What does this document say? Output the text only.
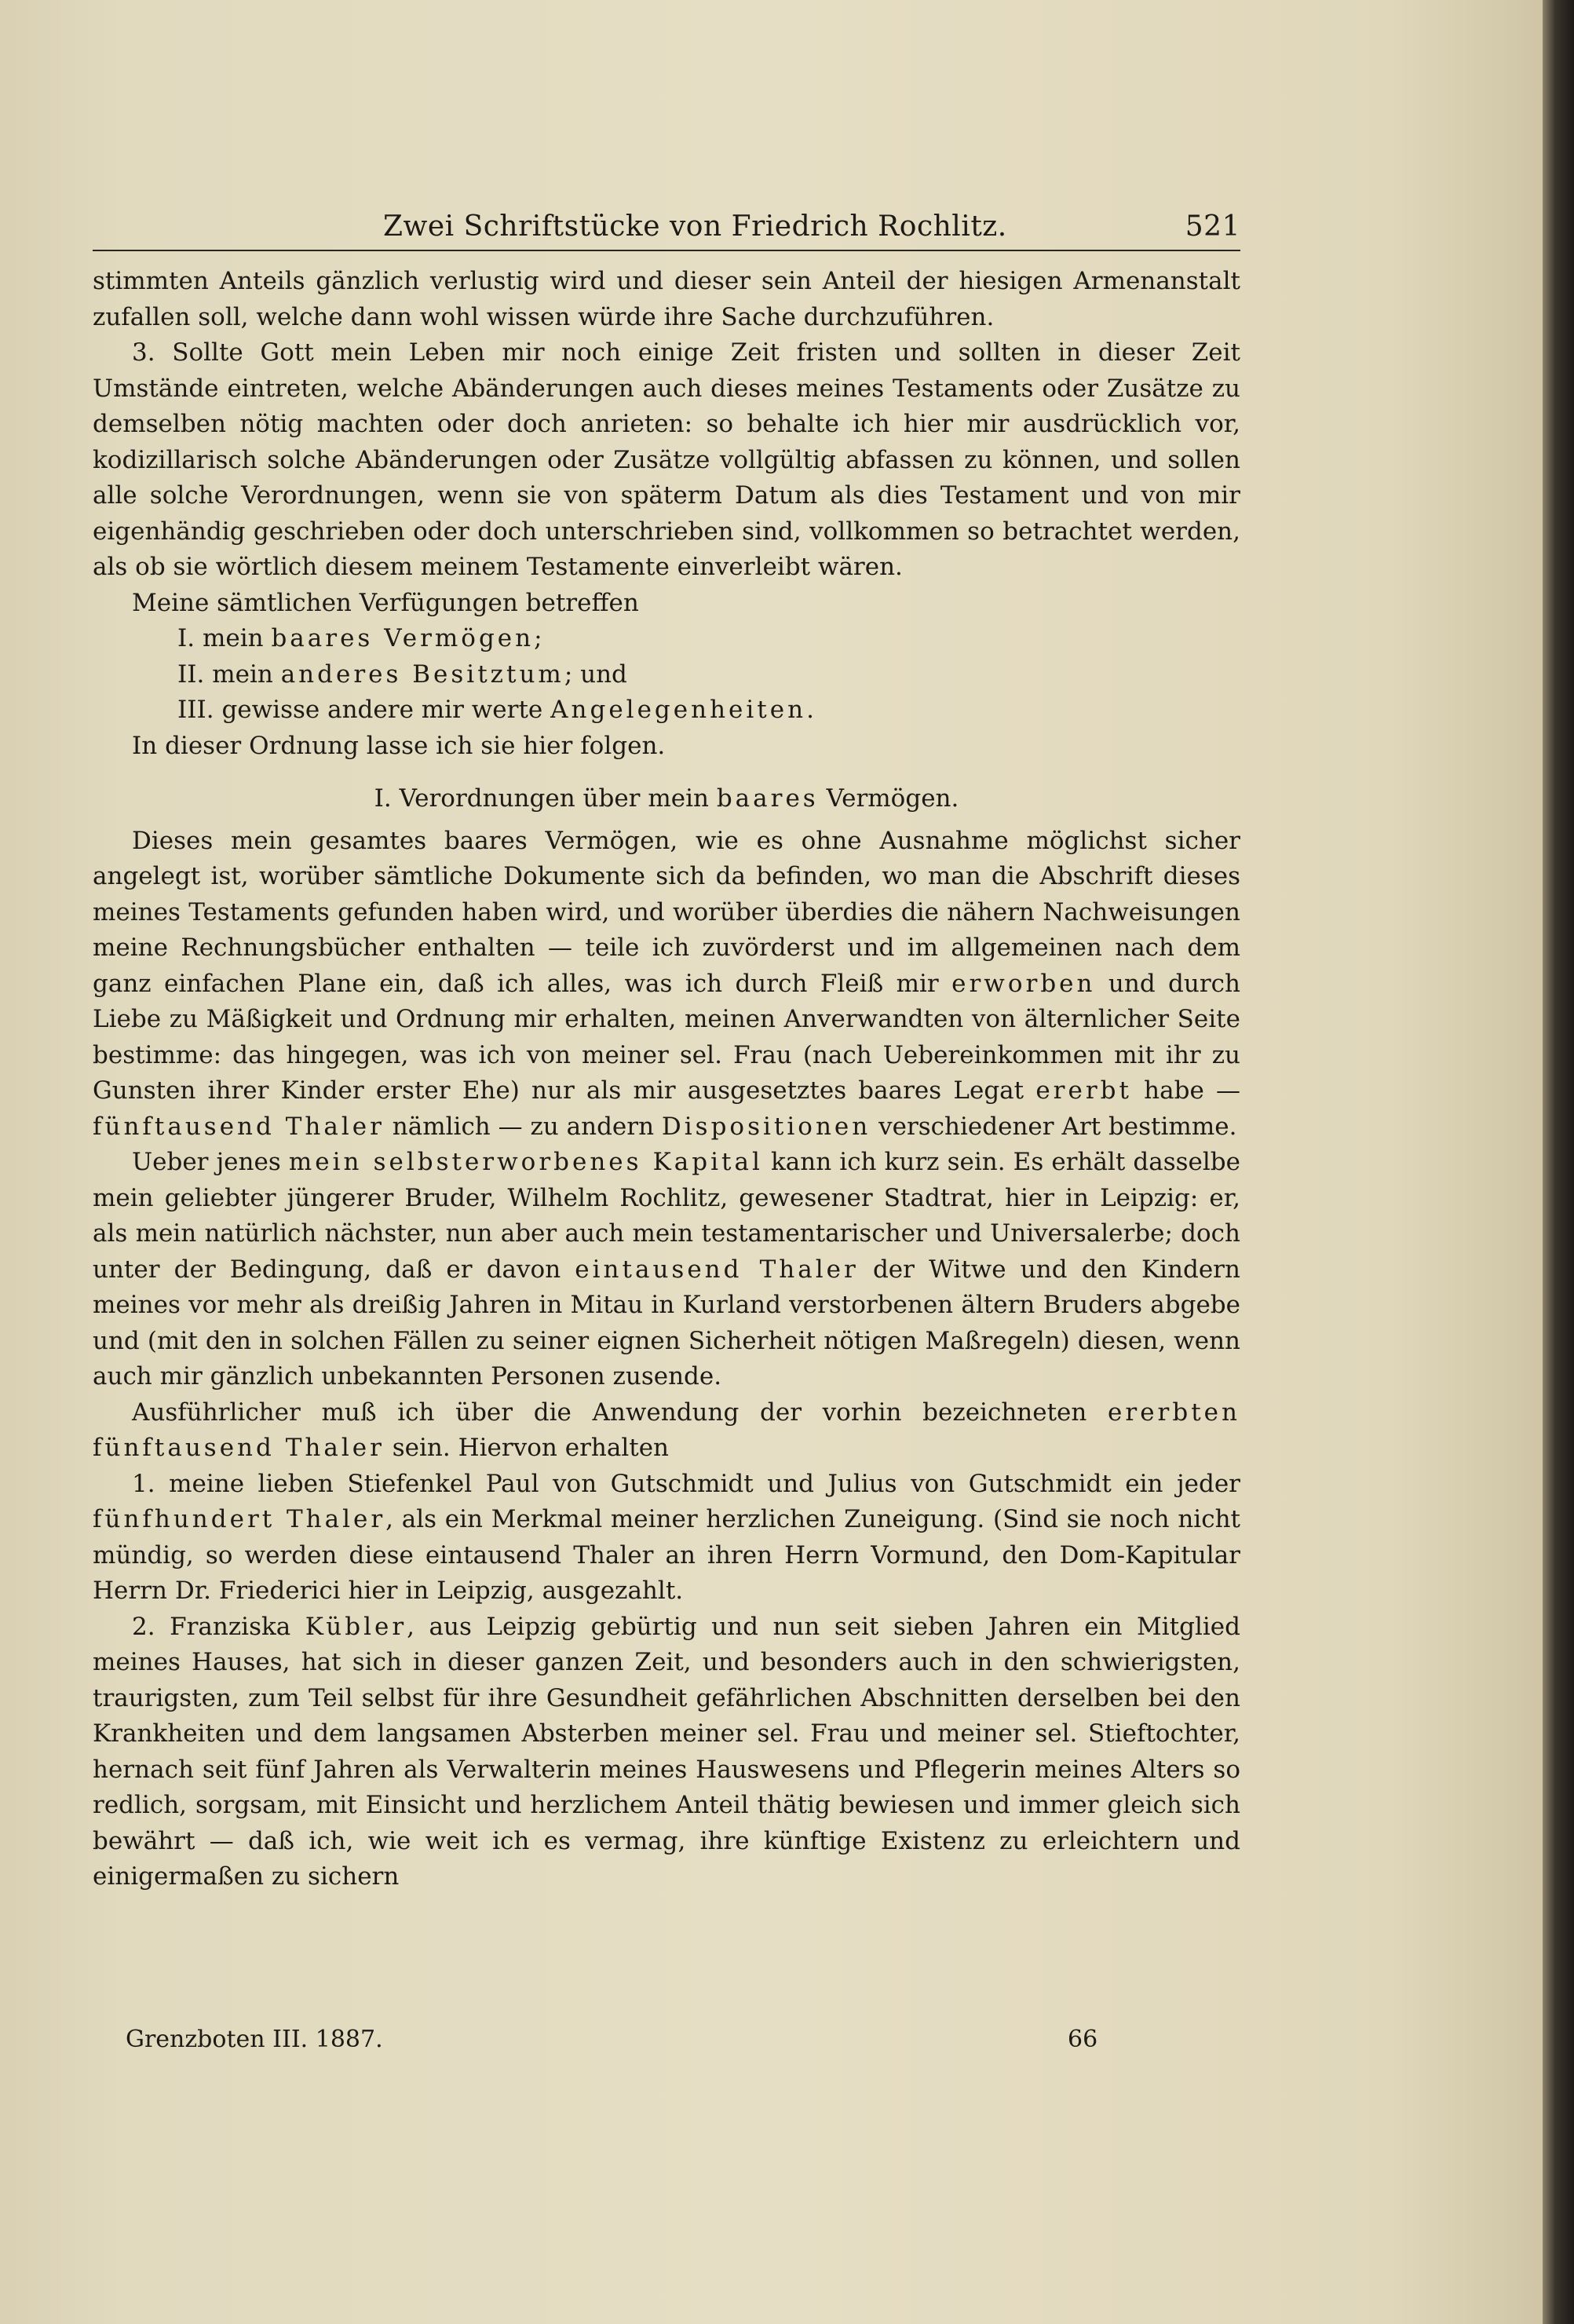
Zwei Schriftstücke von Friedrich Rochlitz.	521

stimmten Anteils gänzlich verlustig wird und dieser sein Anteil der hiesigen Armenanstalt zufallen soll, welche dann wohl wissen würde ihre Sache durchzuführen.

3. Sollte Gott mein Leben mir noch einige Zeit fristen und sollten in dieser Zeit Umstände eintreten, welche Abänderungen auch dieses meines Testaments oder Zusätze zu demselben nötig machten oder doch anrieten: so behalte ich hier mir ausdrücklich vor, kodizillarisch solche Abänderungen oder Zusätze vollgültig abfassen zu können, und sollen alle solche Verordnungen, wenn sie von späterm Datum als dies Testament und von mir eigenhändig geschrieben oder doch unterschrieben sind, vollkommen so betrachtet werden, als ob sie wörtlich diesem meinem Testamente einverleibt wären.

Meine sämtlichen Verfügungen betreffen

I. mein baares Vermögen;
II. mein anderes Besitztum; und
III. gewisse andere mir werte Angelegenheiten.

In dieser Ordnung lasse ich sie hier folgen.

I. Verordnungen über mein baares Vermögen.

Dieses mein gesamtes baares Vermögen, wie es ohne Ausnahme möglichst sicher angelegt ist, worüber sämtliche Dokumente sich da befinden, wo man die Abschrift dieses meines Testaments gefunden haben wird, und worüber überdies die nähern Nachweisungen meine Rechnungsbücher enthalten — teile ich zuvörderst und im allgemeinen nach dem ganz einfachen Plane ein, daß ich alles, was ich durch Fleiß mir erworben und durch Liebe zu Mäßigkeit und Ordnung mir erhalten, meinen Anverwandten von älternlicher Seite bestimme: das hingegen, was ich von meiner sel. Frau (nach Uebereinkommen mit ihr zu Gunsten ihrer Kinder erster Ehe) nur als mir ausgesetztes baares Legat ererbt habe — fünftausend Thaler nämlich — zu andern Dispositionen verschiedener Art bestimme.

Ueber jenes mein selbsterworbenes Kapital kann ich kurz sein. Es erhält dasselbe mein geliebter jüngerer Bruder, Wilhelm Rochlitz, gewesener Stadtrat, hier in Leipzig: er, als mein natürlich nächster, nun aber auch mein testamentarischer und Universalerbe; doch unter der Bedingung, daß er davon eintausend Thaler der Witwe und den Kindern meines vor mehr als dreißig Jahren in Mitau in Kurland verstorbenen ältern Bruders abgebe und (mit den in solchen Fällen zu seiner eignen Sicherheit nötigen Maßregeln) diesen, wenn auch mir gänzlich unbekannten Personen zusende.

Ausführlicher muß ich über die Anwendung der vorhin bezeichneten ererbten fünftausend Thaler sein. Hiervon erhalten

1. meine lieben Stiefenkel Paul von Gutschmidt und Julius von Gutschmidt ein jeder fünfhundert Thaler, als ein Merkmal meiner herzlichen Zuneigung. (Sind sie noch nicht mündig, so werden diese eintausend Thaler an ihren Herrn Vormund, den Dom-Kapitular Herrn Dr. Friederici hier in Leipzig, ausgezahlt.

2. Franziska Kübler, aus Leipzig gebürtig und nun seit sieben Jahren ein Mitglied meines Hauses, hat sich in dieser ganzen Zeit, und besonders auch in den schwierigsten, traurigsten, zum Teil selbst für ihre Gesundheit gefährlichen Abschnitten derselben bei den Krankheiten und dem langsamen Absterben meiner sel. Frau und meiner sel. Stieftochter, hernach seit fünf Jahren als Verwalterin meines Hauswesens und Pflegerin meines Alters so redlich, sorgsam, mit Einsicht und herzlichem Anteil thätig bewiesen und immer gleich sich bewährt — daß ich, wie weit ich es vermag, ihre künftige Existenz zu erleichtern und einigermaßen zu sichern

Grenzboten III. 1887.	66
